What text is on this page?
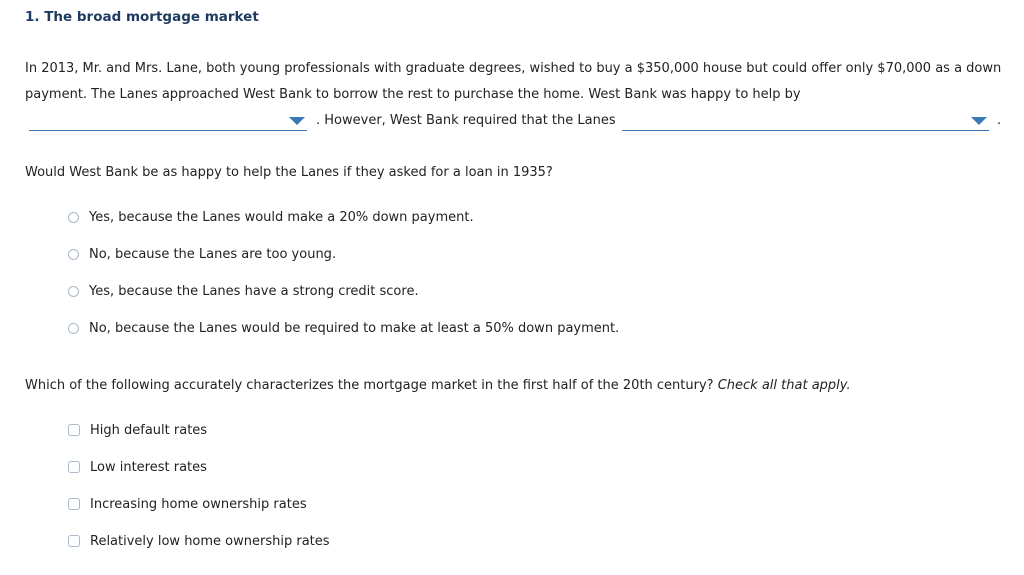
1. The broad mortgage market
In 2013, Mr. and Mrs. Lane, both young professionals with graduate degrees, wished to buy a $350,000 house but could offer only $70,000 as a down
payment. The Lanes approached West Bank to borrow the rest to purchase the home. West Bank was happy to help by
. However, West Bank required that the Lanes	.
Would West Bank be as happy to help the Lanes if they asked for a loan in 1935?
Yes, because the Lanes would make a 20% down payment.
No, because the Lanes are too young.
Yes, because the Lanes have a strong credit score.
No, because the Lanes would be required to make at least a 50% down payment.
Which of the following accurately characterizes the mortgage market in the first half of the 20th century? Check all that apply.
High default rates
Low interest rates
Increasing home ownership rates
Relatively low home ownership rates
